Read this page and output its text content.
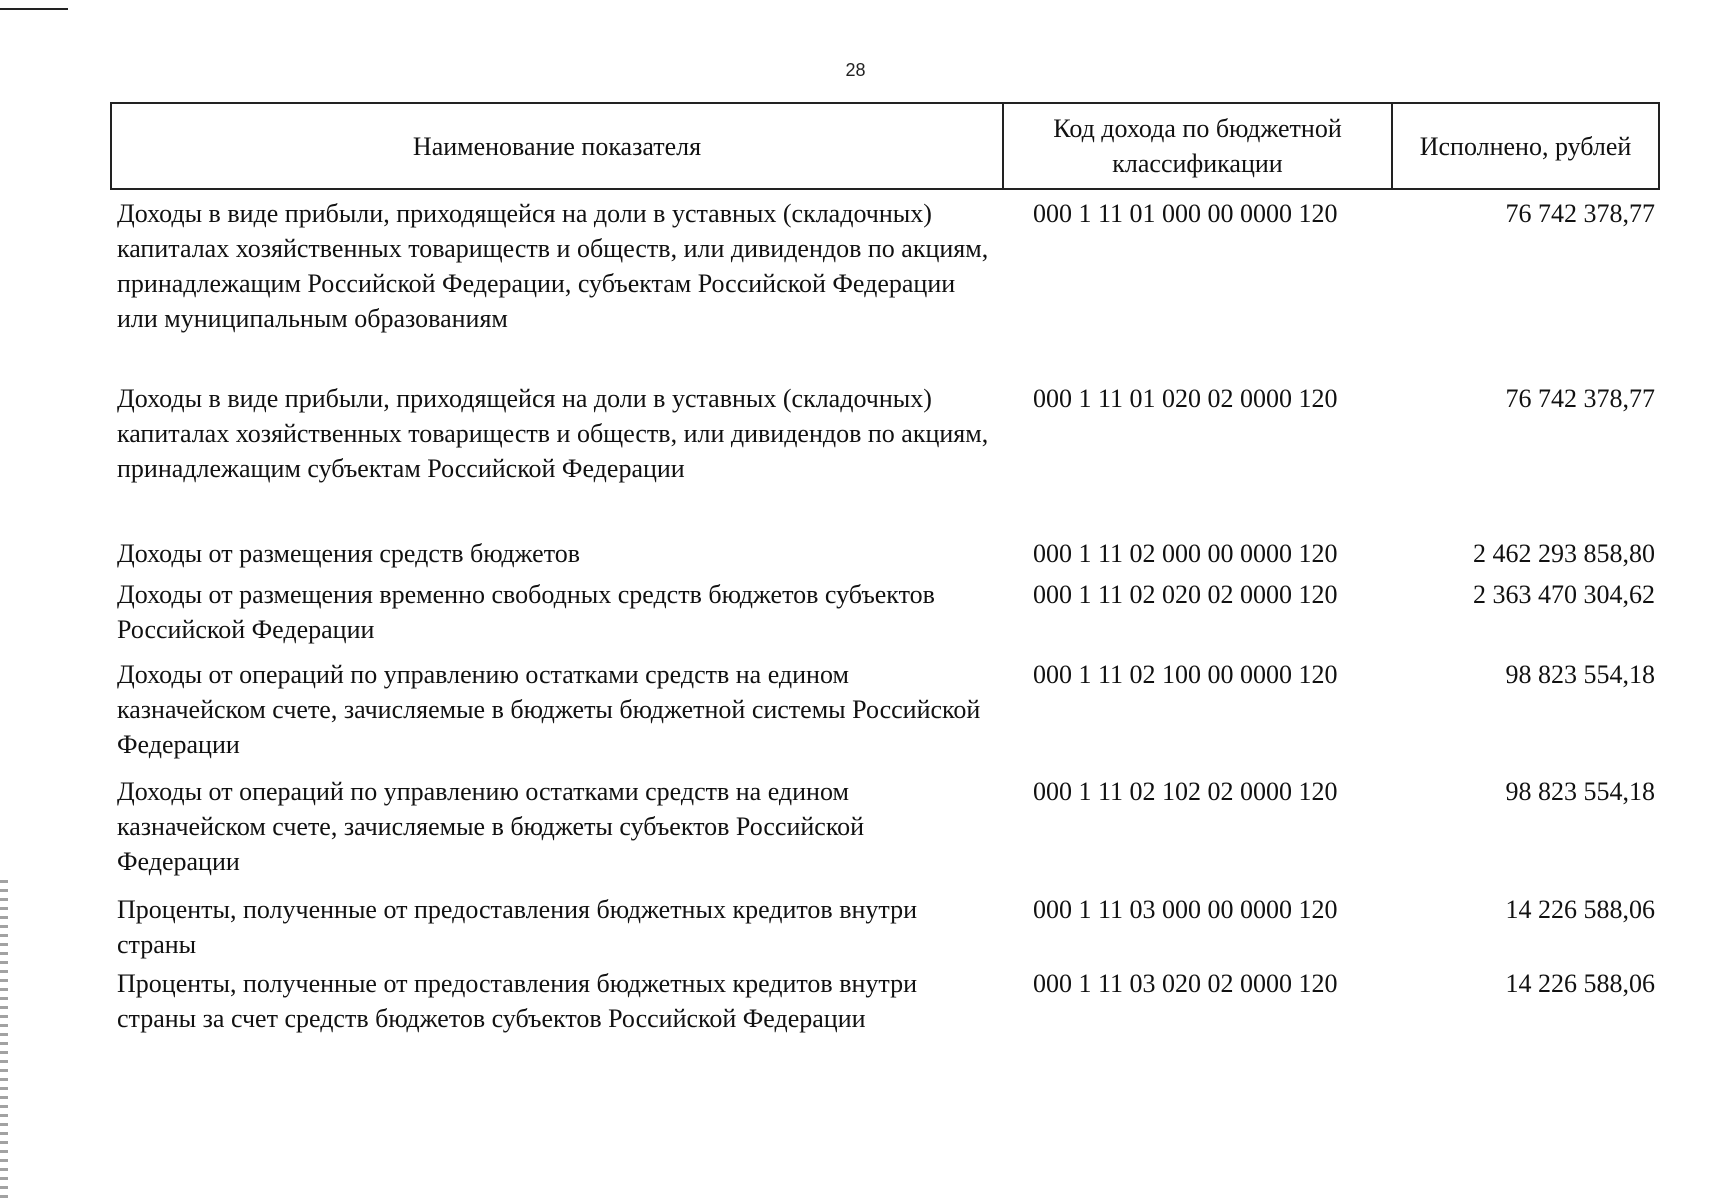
28
Наименование показателя	Код дохода по бюджетной классификации	Исполнено, рублей
Доходы в виде прибыли, приходящейся на доли в уставных (складочных) капиталах хозяйственных товариществ и обществ, или дивидендов по акциям, принадлежащим Российской Федерации, субъектам Российской Федерации или муниципальным образованиям	000 1 11 01 000 00 0000 120	76 742 378,77
Доходы в виде прибыли, приходящейся на доли в уставных (складочных) капиталах хозяйственных товариществ и обществ, или дивидендов по акциям, принадлежащим субъектам Российской Федерации	000 1 11 01 020 02 0000 120	76 742 378,77
Доходы от размещения средств бюджетов	000 1 11 02 000 00 0000 120	2 462 293 858,80
Доходы от размещения временно свободных средств бюджетов субъектов Российской Федерации	000 1 11 02 020 02 0000 120	2 363 470 304,62
Доходы от операций по управлению остатками средств на едином казначейском счете, зачисляемые в бюджеты бюджетной системы Российской Федерации	000 1 11 02 100 00 0000 120	98 823 554,18
Доходы от операций по управлению остатками средств на едином казначейском счете, зачисляемые в бюджеты субъектов Российской Федерации	000 1 11 02 102 02 0000 120	98 823 554,18
Проценты, полученные от предоставления бюджетных кредитов внутри страны	000 1 11 03 000 00 0000 120	14 226 588,06
Проценты, полученные от предоставления бюджетных кредитов внутри страны за счет средств бюджетов субъектов Российской Федерации	000 1 11 03 020 02 0000 120	14 226 588,06
